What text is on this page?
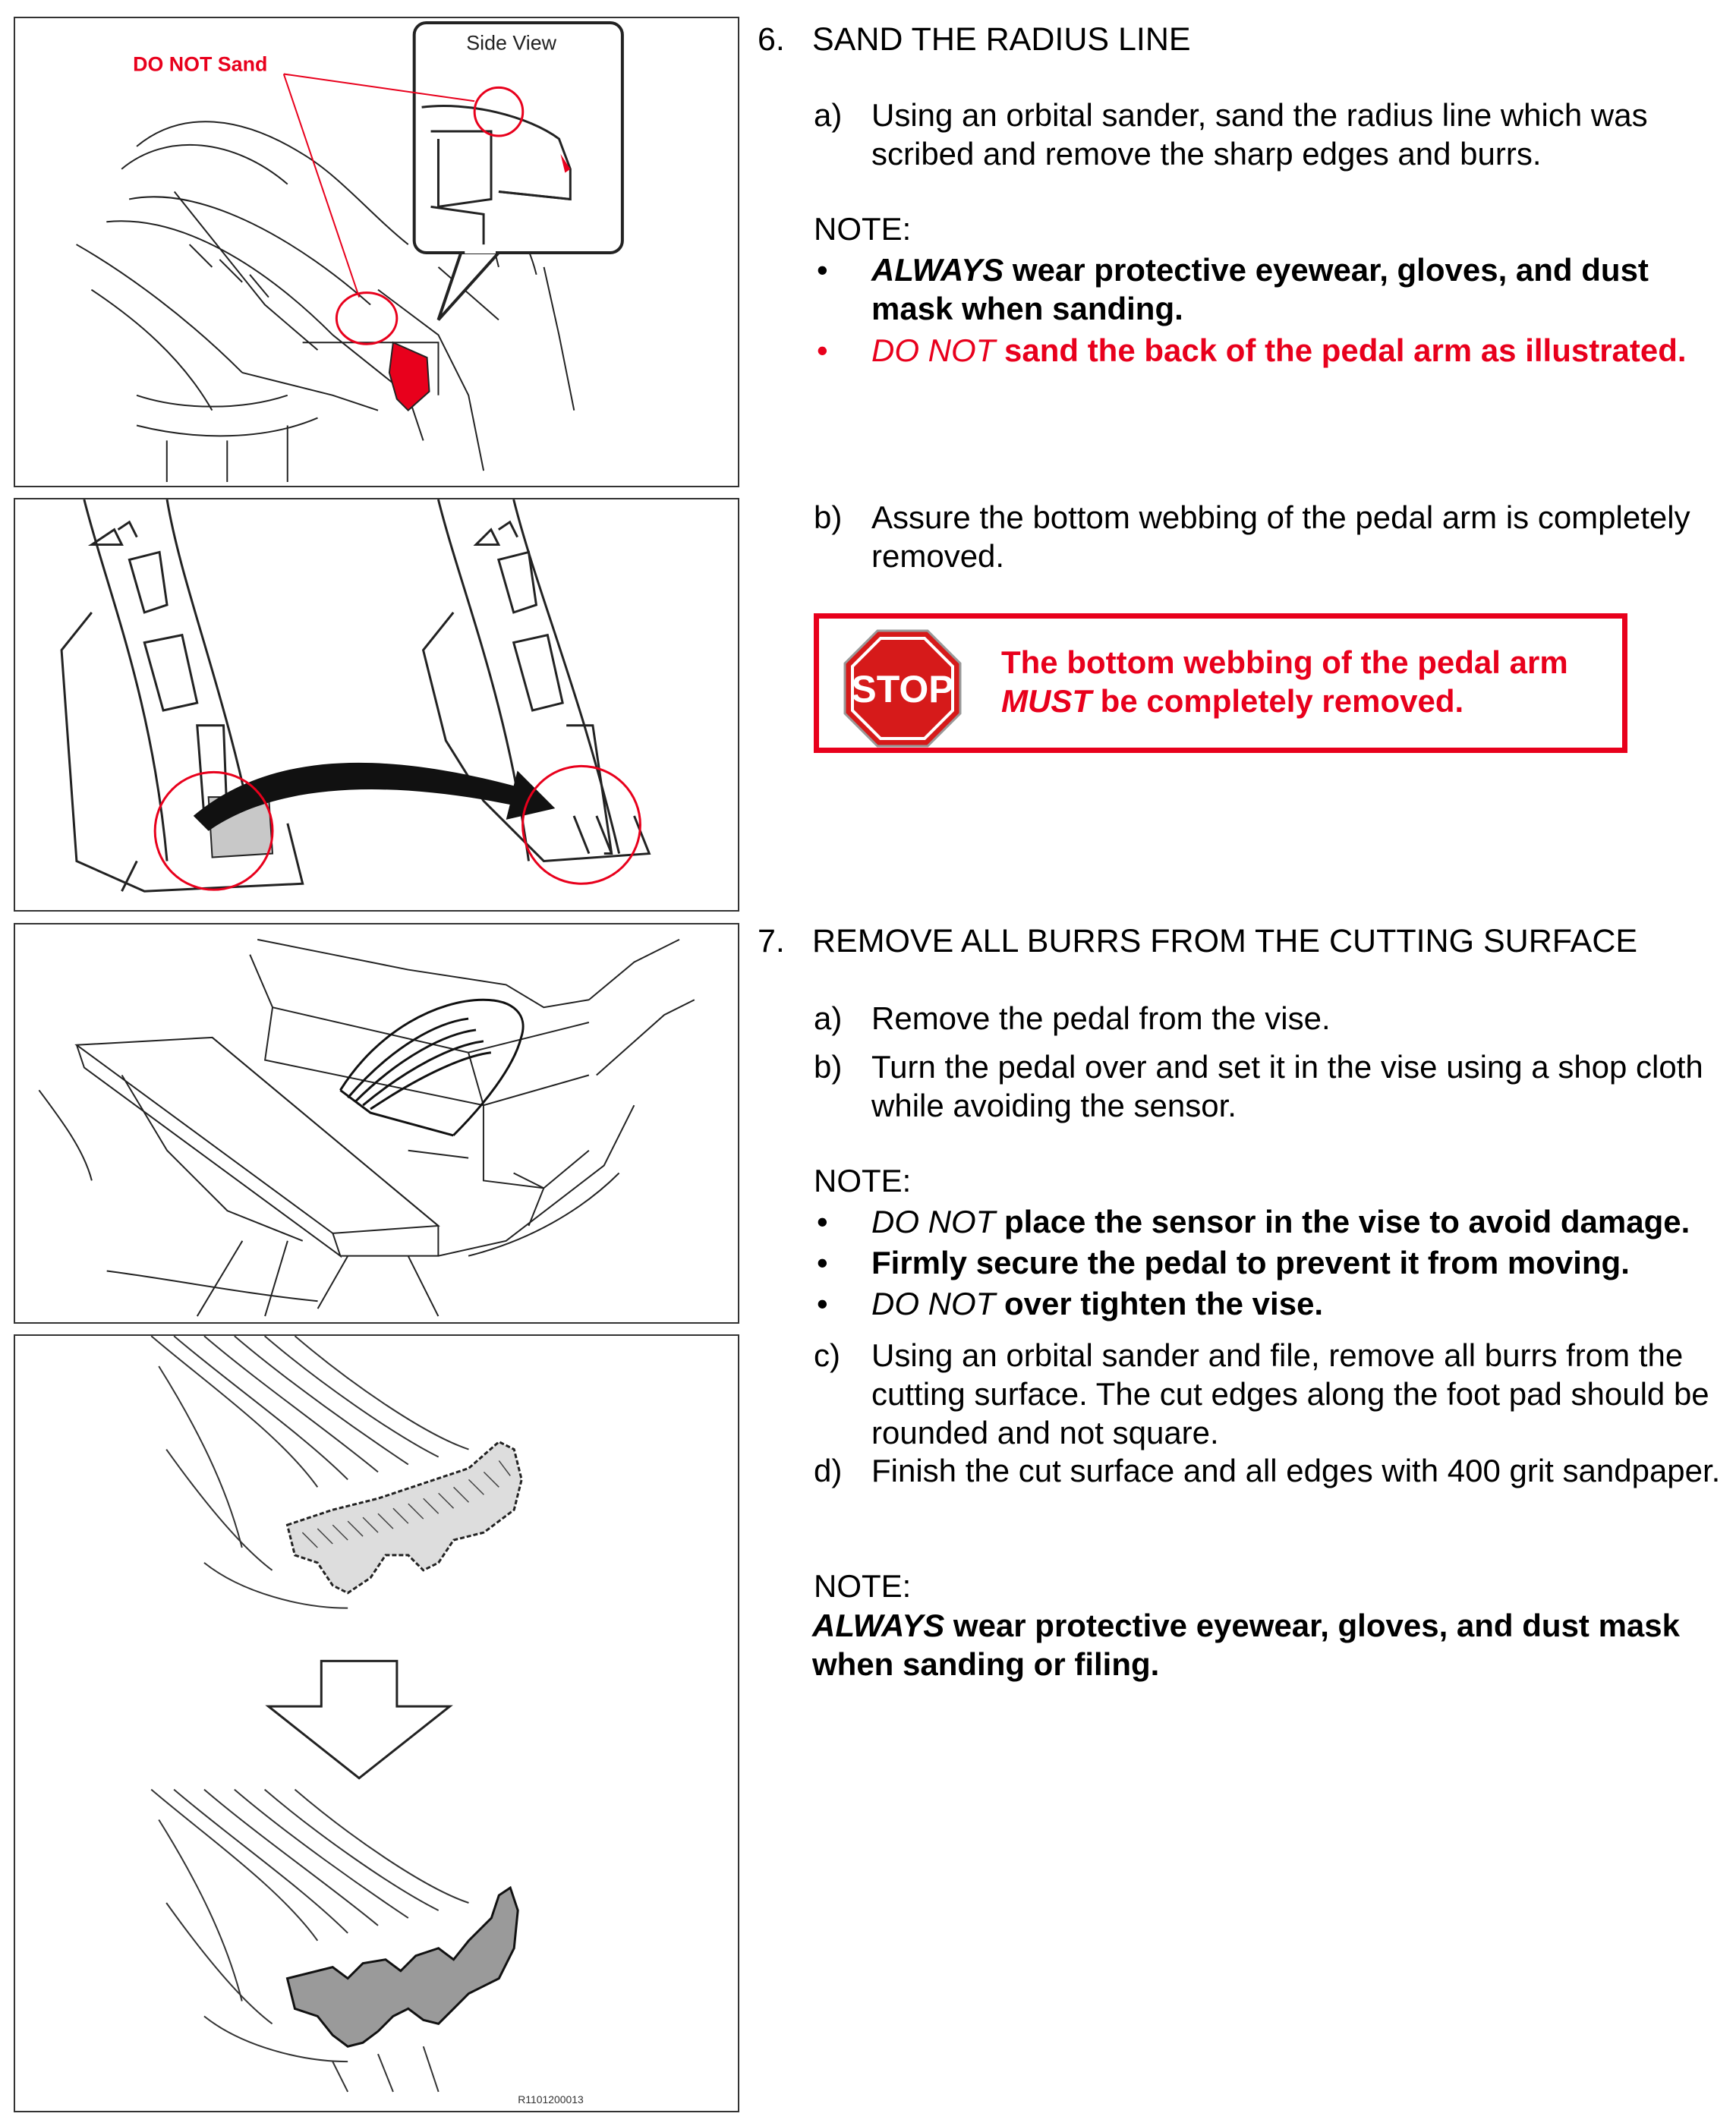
DO NOT Sand
Side View
R1101200013
6. SAND THE RADIUS LINE
a) Using an orbital sander, sand the radius line which was scribed and remove the sharp edges and burrs.
NOTE:
• ALWAYS wear protective eyewear, gloves, and dust mask when sanding.
• DO NOT sand the back of the pedal arm as illustrated.
b) Assure the bottom webbing of the pedal arm is completely removed.
STOP
The bottom webbing of the pedal arm
MUST be completely removed.
7. REMOVE ALL BURRS FROM THE CUTTING SURFACE
a) Remove the pedal from the vise.
b) Turn the pedal over and set it in the vise using a shop cloth while avoiding the sensor.
NOTE:
• DO NOT place the sensor in the vise to avoid damage.
• Firmly secure the pedal to prevent it from moving.
• DO NOT over tighten the vise.
c) Using an orbital sander and file, remove all burrs from the cutting surface. The cut edges along the foot pad should be rounded and not square.
d) Finish the cut surface and all edges with 400 grit sandpaper.
NOTE:
ALWAYS wear protective eyewear, gloves, and dust mask when sanding or filing.
